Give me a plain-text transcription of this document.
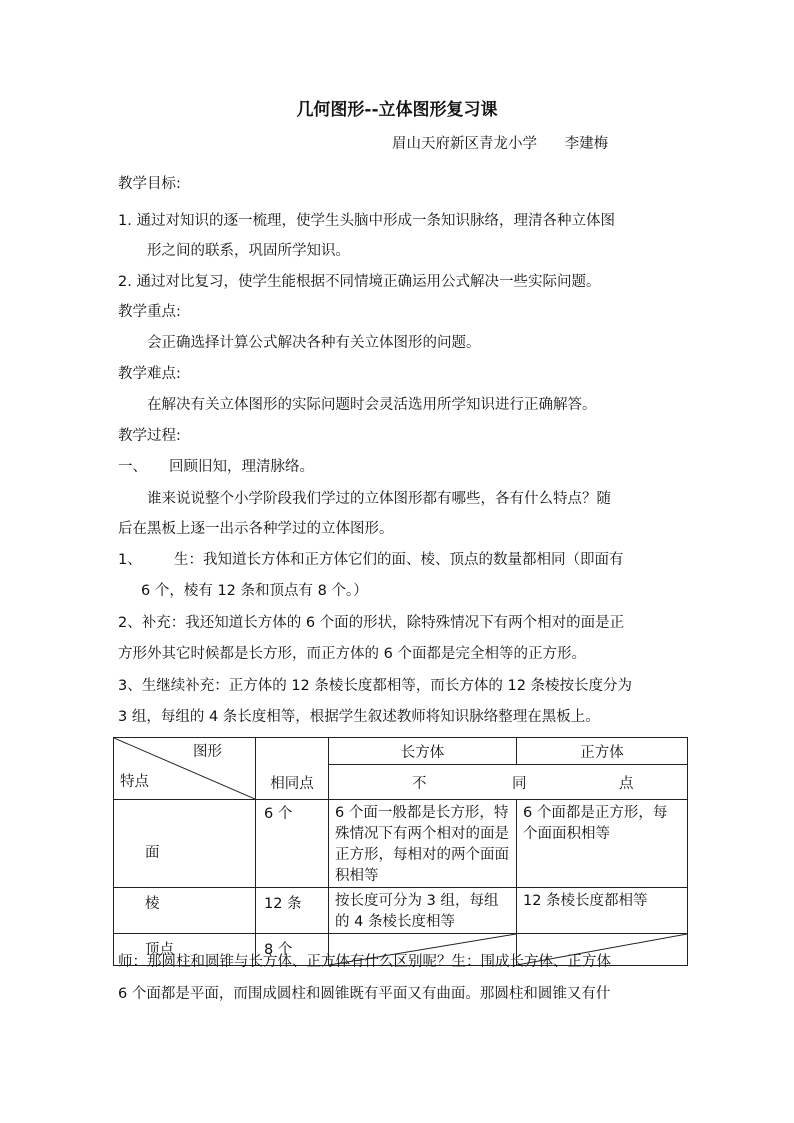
几何图形--立体图形复习课
眉山天府新区青龙小学      李建梅
教学目标:
1. 通过对知识的逐一梳理，使学生头脑中形成一条知识脉络，理清各种立体图
形之间的联系，巩固所学知识。
2. 通过对比复习，使学生能根据不同情境正确运用公式解决一些实际问题。
教学重点:
会正确选择计算公式解决各种有关立体图形的问题。
教学难点:
在解决有关立体图形的实际问题时会灵活选用所学知识进行正确解答。
教学过程:
一、 回顾旧知，理清脉络。
谁来说说整个小学阶段我们学过的立体图形都有哪些，各有什么特点？随
后在黑板上逐一出示各种学过的立体图形。
1、 生：我知道长方体和正方体它们的面、棱、顶点的数量都相同（即面有
6 个，棱有 12 条和顶点有 8 个。）
2、补充：我还知道长方体的 6 个面的形状，除特殊情况下有两个相对的面是正
方形外其它时候都是长方形，而正方体的 6 个面都是完全相等的正方形。
3、生继续补充：正方体的 12 条棱长度都相等，而长方体的 12 条棱按长度分为
3 组，每组的 4 条长度相等，根据学生叙述教师将知识脉络整理在黑板上。
图形
特点	相同点	长方体	正方体

		不 同 点	

面	6 个	6 个面一般都是长方形，特殊情况下有两个相对的面是正方形，每相对的两个面面积相等	6 个面都是正方形，每个面面积相等
棱	12 条	按长度可分为 3 组，每组的 4 条棱长度相等	12 条棱长度都相等
顶点	8 个	

师：那圆柱和圆锥与长方体、正方体有什么区别呢？生：围成长方体、正方体
6 个面都是平面，而围成圆柱和圆锥既有平面又有曲面。那圆柱和圆锥又有什
